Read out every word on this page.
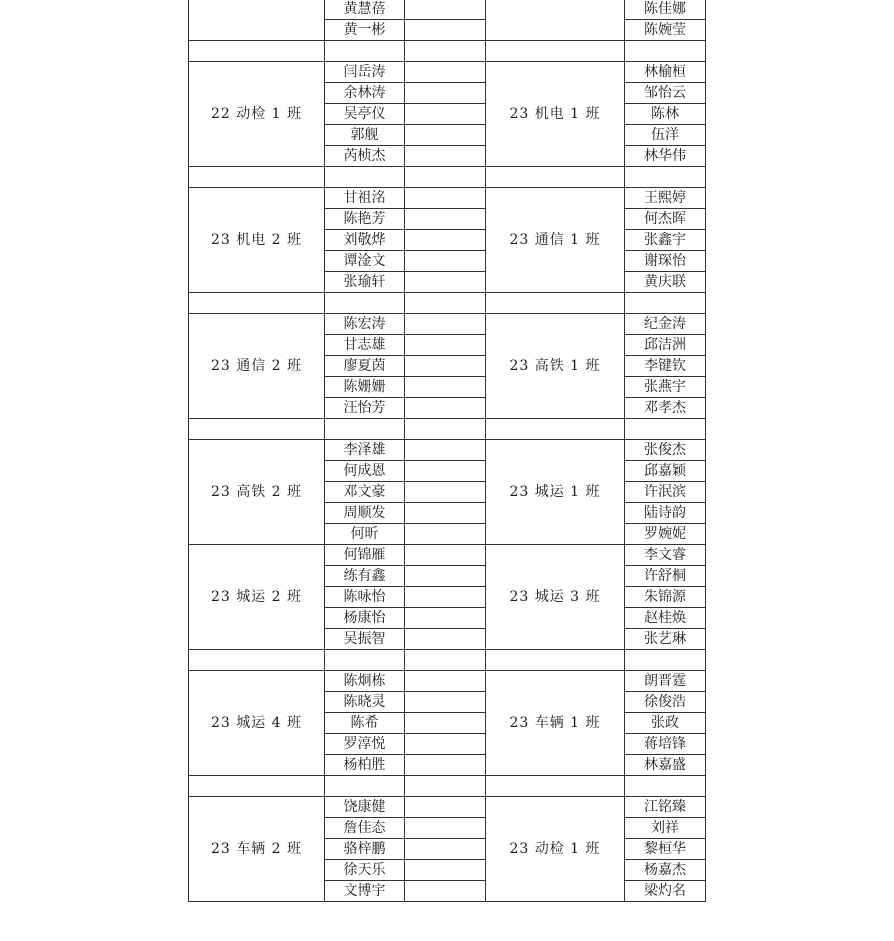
	黄慧蓓			陈佳娜
	黄一彬			陈婉莹

22 动检 1 班	闫岳涛		23 机电 1 班	林榆桓
	余林涛			邹怡云
	吴亭仪			陈林
	郭舰			伍洋
	芮桢杰			林华伟

23 机电 2 班	甘祖洺		23 通信 1 班	王熙婷
	陈艳芳			何杰晖
	刘敬烨			张鑫宇
	谭淦文			谢琛怡
	张瑜轩			黄庆联

23 通信 2 班	陈宏涛		23 高铁 1 班	纪金涛
	甘志雄			邱洁洲
	廖夏茵			李键钦
	陈姗姗			张燕宇
	汪怡芳			邓孝杰

23 高铁 2 班	李泽雄		23 城运 1 班	张俊杰
	何成恩			邱嘉颖
	邓文豪			许泯滨
	周顺发			陆诗韵
	何昕			罗婉妮
23 城运 2 班	何锦雁		23 城运 3 班	李文睿
	练有鑫			许舒桐
	陈咏怡			朱锦源
	杨康怡			赵桂焕
	吴振智			张艺琳

23 城运 4 班	陈炯栋		23 车辆 1 班	朗晋霆
	陈晓灵			徐俊浩
	陈希			张政
	罗淳悦			蒋培锋
	杨柏胜			林嘉盛

23 车辆 2 班	饶康健		23 动检 1 班	江铭臻
	詹佳态			刘祥
	骆梓鹏			黎桓华
	徐天乐			杨嘉杰
	文博宇			梁灼名
